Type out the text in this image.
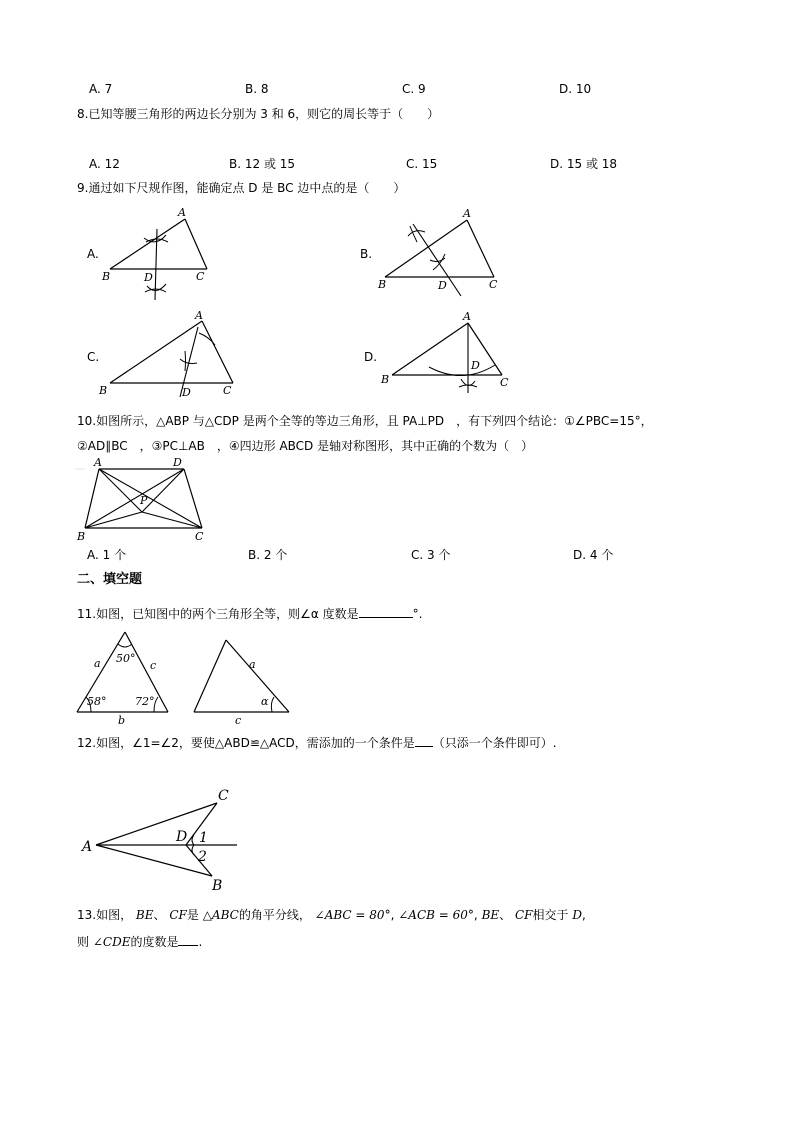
A. 7	B. 8	C. 9	D. 10
8.已知等腰三角形的两边长分别为 3 和 6，则它的周长等于（　　）
A. 12	B. 12 或 15	C. 15	D. 15 或 18
9.通过如下尺规作图，能确定点 D 是 BC 边中点的是（　　）
A.
A
B	C
D
B.
A
B	C
D
C.
A
B	C
D
D.
A
B	C
D
10.如图所示，△ABP 与△CDP 是两个全等的等边三角形，且 PA⊥PD　，有下列四个结论：①∠PBC=15°，
②AD∥BC　，③PC⊥AB　，④四边形 ABCD 是轴对称图形，其中正确的个数为（　）
A	D
P
B	C
A. 1 个	B. 2 个	C. 3 个	D. 4 个
二、填空题
11.如图，已知图中的两个三角形全等，则∠α 度数是	°.
50°
58°	72°
a	c
b
a
α
c
12.如图，∠1=∠2，要使△ABD≌△ACD，需添加的一个条件是 （只添一个条件即可）.
C
A
D 1
2
B
13.如图， BE、 CF是 △ABC的角平分线， ∠ABC = 80°, ∠ACB = 60°, BE、 CF相交于 D,
则 ∠CDE的度数是 .
